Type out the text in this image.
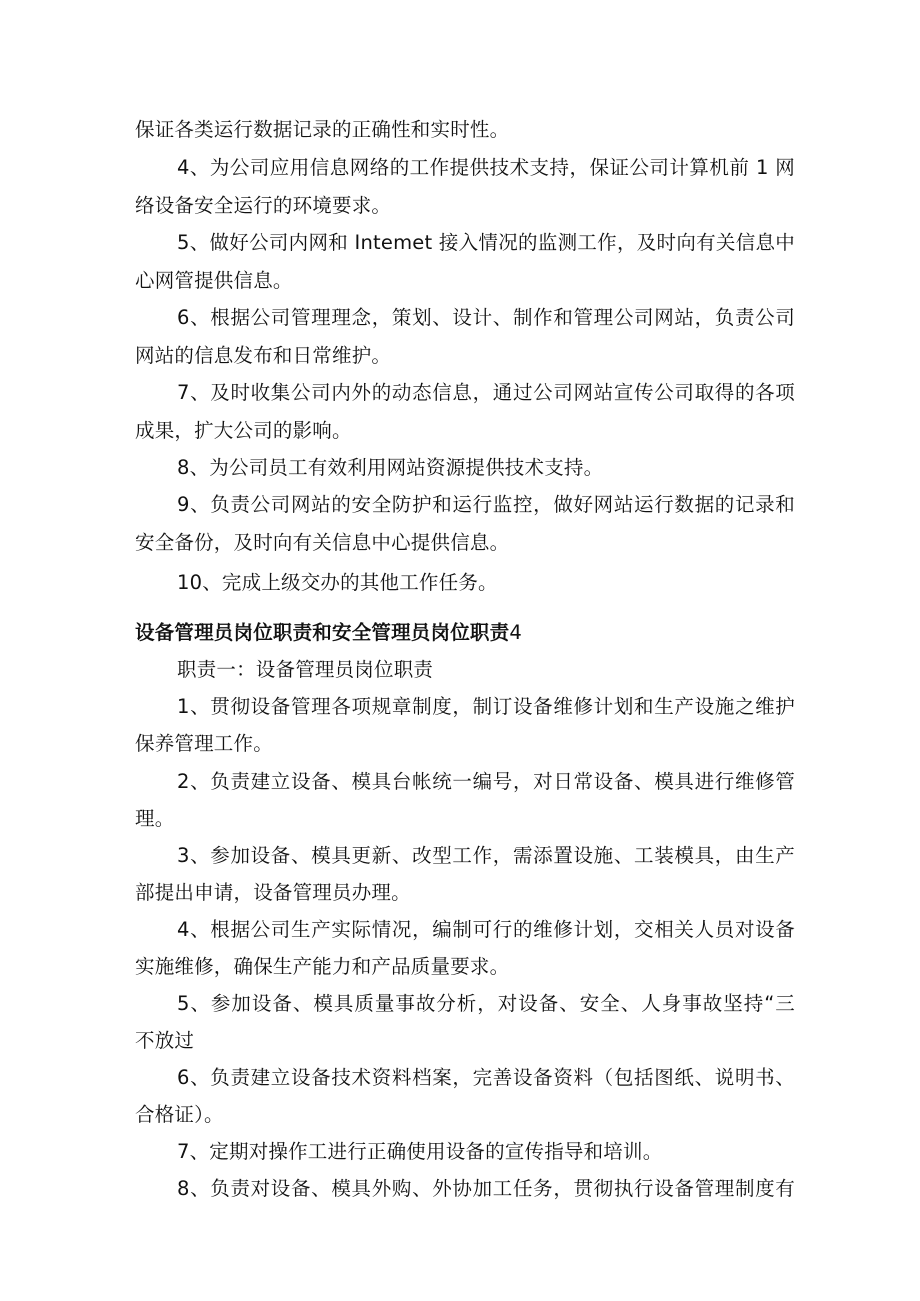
保证各类运行数据记录的正确性和实时性。
4、为公司应用信息网络的工作提供技术支持，保证公司计算机前 1 网
络设备安全运行的环境要求。
5、做好公司内网和 Intemet 接入情况的监测工作，及时向有关信息中
心网管提供信息。
6、根据公司管理理念，策划、设计、制作和管理公司网站，负责公司
网站的信息发布和日常维护。
7、及时收集公司内外的动态信息，通过公司网站宣传公司取得的各项
成果，扩大公司的影响。
8、为公司员工有效利用网站资源提供技术支持。
9、负责公司网站的安全防护和运行监控，做好网站运行数据的记录和
安全备份，及时向有关信息中心提供信息。
10、完成上级交办的其他工作任务。
设备管理员岗位职责和安全管理员岗位职责4
职责一：设备管理员岗位职责
1、贯彻设备管理各项规章制度，制订设备维修计划和生产设施之维护
保养管理工作。
2、负责建立设备、模具台帐统一编号，对日常设备、模具进行维修管
理。
3、参加设备、模具更新、改型工作，需添置设施、工装模具，由生产
部提出申请，设备管理员办理。
4、根据公司生产实际情况，编制可行的维修计划，交相关人员对设备
实施维修，确保生产能力和产品质量要求。
5、参加设备、模具质量事故分析，对设备、安全、人身事故坚持“三
不放过
6、负责建立设备技术资料档案，完善设备资料（包括图纸、说明书、
合格证）。
7、定期对操作工进行正确使用设备的宣传指导和培训。
8、负责对设备、模具外购、外协加工任务，贯彻执行设备管理制度有
